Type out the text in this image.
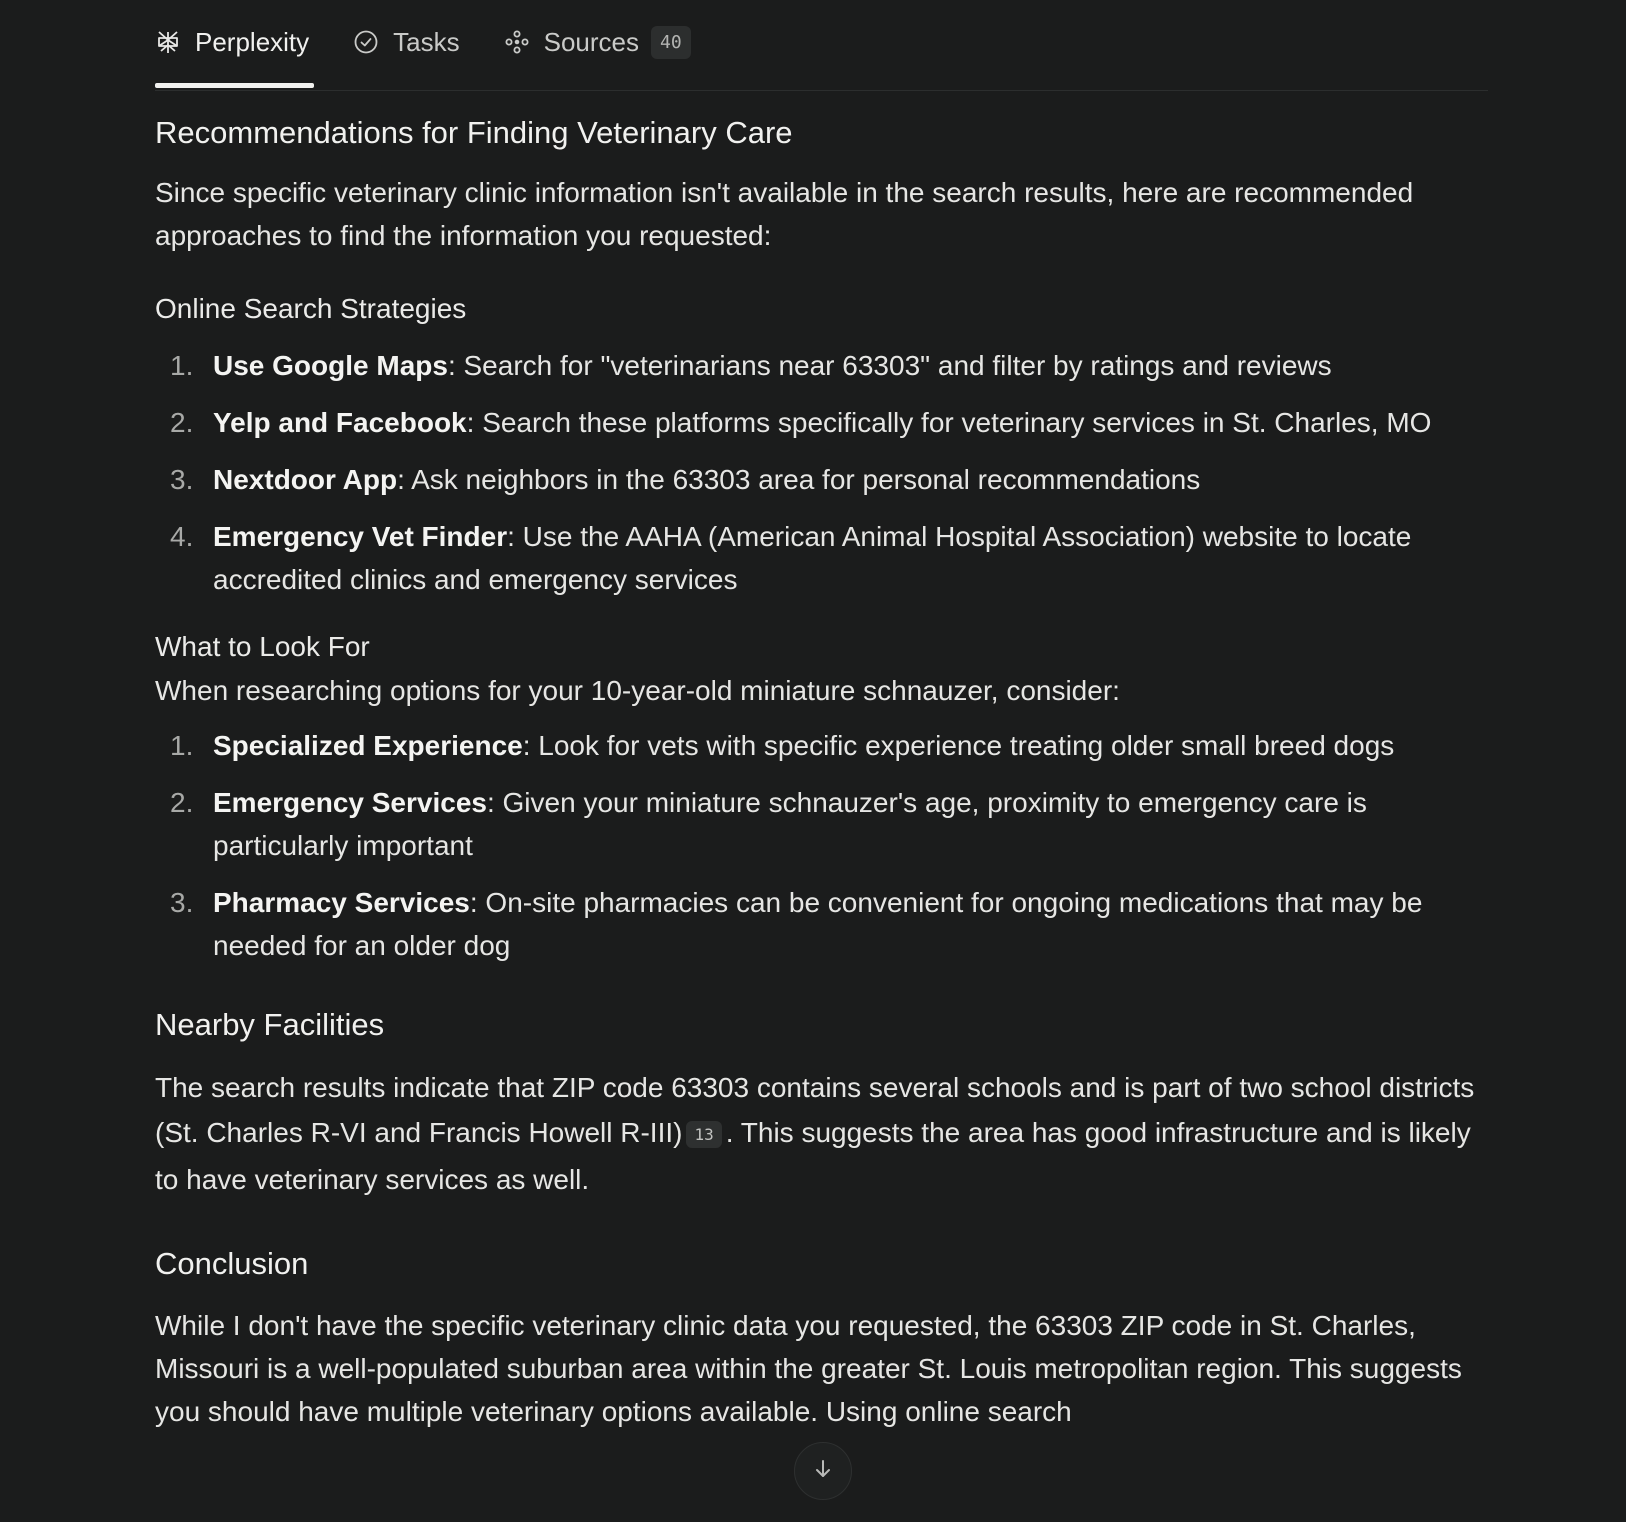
Perplexity	Tasks	Sources	40
Recommendations for Finding Veterinary Care

Since specific veterinary clinic information isn't available in the search results, here are recommended approaches to find the information you requested:

Online Search Strategies
1. Use Google Maps: Search for "veterinarians near 63303" and filter by ratings and reviews
2. Yelp and Facebook: Search these platforms specifically for veterinary services in St. Charles, MO
3. Nextdoor App: Ask neighbors in the 63303 area for personal recommendations
4. Emergency Vet Finder: Use the AAHA (American Animal Hospital Association) website to locate accredited clinics and emergency services
What to Look For

When researching options for your 10-year-old miniature schnauzer, consider:

1. Specialized Experience: Look for vets with specific experience treating older small breed dogs
2. Emergency Services: Given your miniature schnauzer's age, proximity to emergency care is particularly important
3. Pharmacy Services: On-site pharmacies can be convenient for ongoing medications that may be needed for an older dog
Nearby Facilities

The search results indicate that ZIP code 63303 contains several schools and is part of two school districts (St. Charles R-VI and Francis Howell R-III) 13 . This suggests the area has good infrastructure and is likely to have veterinary services as well.

Conclusion

While I don't have the specific veterinary clinic data you requested, the 63303 ZIP code in St. Charles, Missouri is a well-populated suburban area within the greater St. Louis metropolitan region. This suggests you should have multiple veterinary options available. Using online search
